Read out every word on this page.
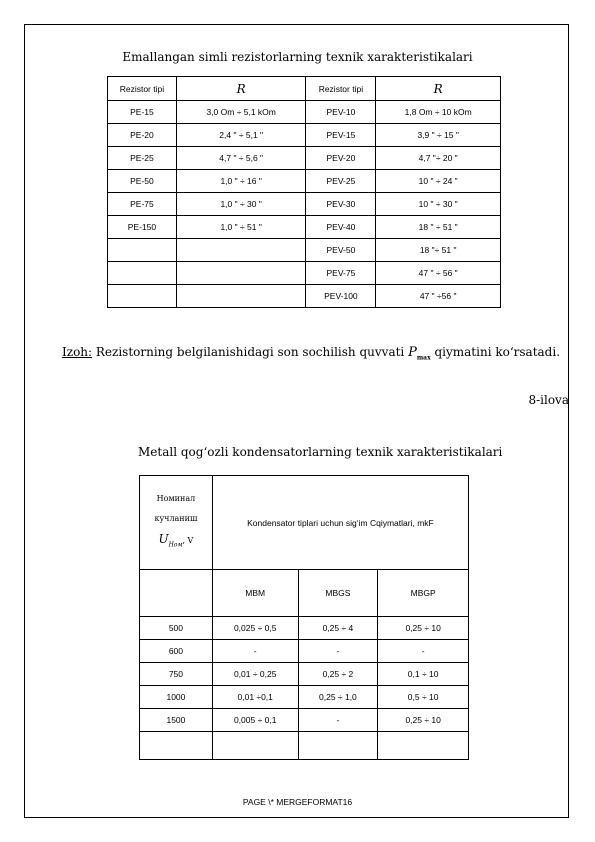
Emallangan simli rezistorlarning texnik xarakteristikalari
Rezistor tipi	R	Rezistor tipi	R
PE-15	3,0 Om ÷ 5,1 kOm	PEV-10	1,8 Om ÷ 10 kOm
PE-20	2,4 " ÷ 5,1 "	PEV-15	3,9 " ÷ 15 "
PE-25	4,7 " ÷ 5,6 "	PEV-20	4,7 "÷ 20 "
PE-50	1,0 " ÷ 16 "	PEV-25	10 " ÷ 24 "
PE-75	1,0 " ÷ 30 "	PEV-30	10 " ÷ 30 "
PE-150	1,0 " ÷ 51 "	PEV-40	18 " ÷ 51 "
		PEV-50	18 "÷ 51 "
		PEV-75	47 " ÷ 56 "
		PEV-100	47 " ÷56 "
Izoh: Rezistorning belgilanishidagi son sochilish quvvati $P_{max}$ qiymatini ko‘rsatadi.
8-ilova
Metall qog‘ozli kondensatorlarning texnik xarakteristikalari
Номинал
кучланиш
$U_{Ном}$, V	Kondensator tiplari uchun sig‘im Cqiymatlari, mkF		
	MBM	MBGS	MBGP
500	0,025 ÷ 0,5	0,25 ÷ 4	0,25 ÷ 10
600	-	-	-
750	0,01 ÷ 0,25	0,25 ÷ 2	0,1 ÷ 10
1000	0,01 ÷0,1	0,25 ÷ 1,0	0,5 ÷ 10
1500	0,005 ÷ 0,1	-	0,25 ÷ 10

PAGE \* MERGEFORMAT16
